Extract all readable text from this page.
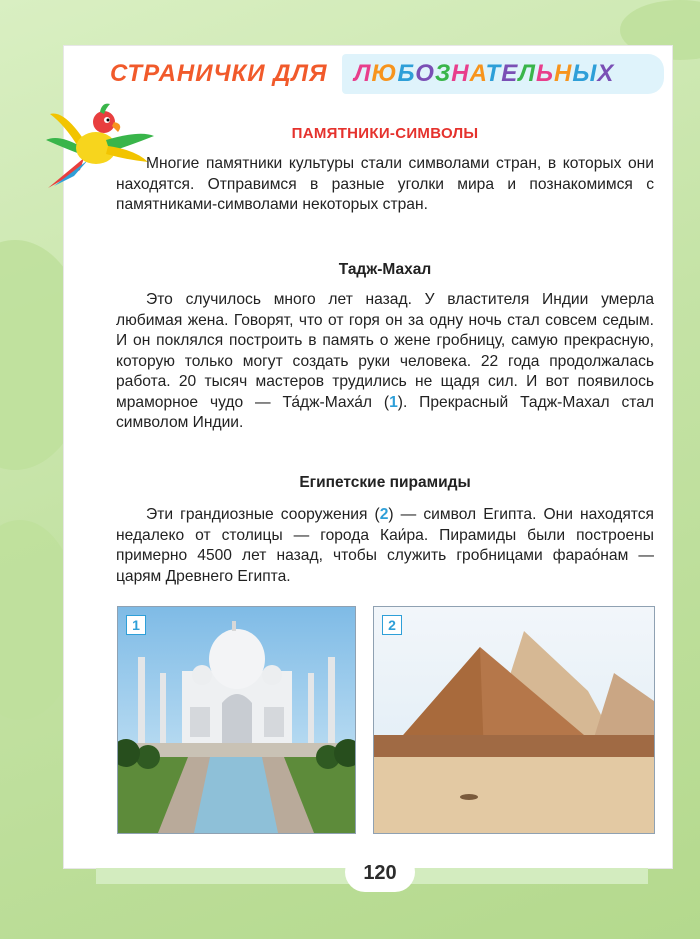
СТРАНИЧКИ ДЛЯ	ЛЮБОЗНАТЕЛЬНЫХ
ПАМЯТНИКИ-СИМВОЛЫ

Многие памятники культуры стали символами стран, в которых они находятся. Отправимся в разные уголки мира и познакомимся с памятниками-символами некоторых стран.

Тадж-Махал

Это случилось много лет назад. У властителя Индии умерла любимая жена. Говорят, что от горя он за одну ночь стал совсем седым. И он поклялся построить в память о жене гробницу, самую прекрасную, которую только могут создать руки человека. 22 года продолжалась работа. 20 тысяч мастеров трудились не щадя сил. И вот появилось мраморное чудо — Та́дж-Маха́л (1). Прекрасный Тадж-Махал стал символом Индии.

Египетские пирамиды

Эти грандиозные сооружения (2) — символ Египта. Они находятся недалеко от столицы — города Каи́ра. Пирамиды были построены примерно 4500 лет назад, чтобы служить гробницами фарао́нам — царям Древнего Египта.

1	2
120
